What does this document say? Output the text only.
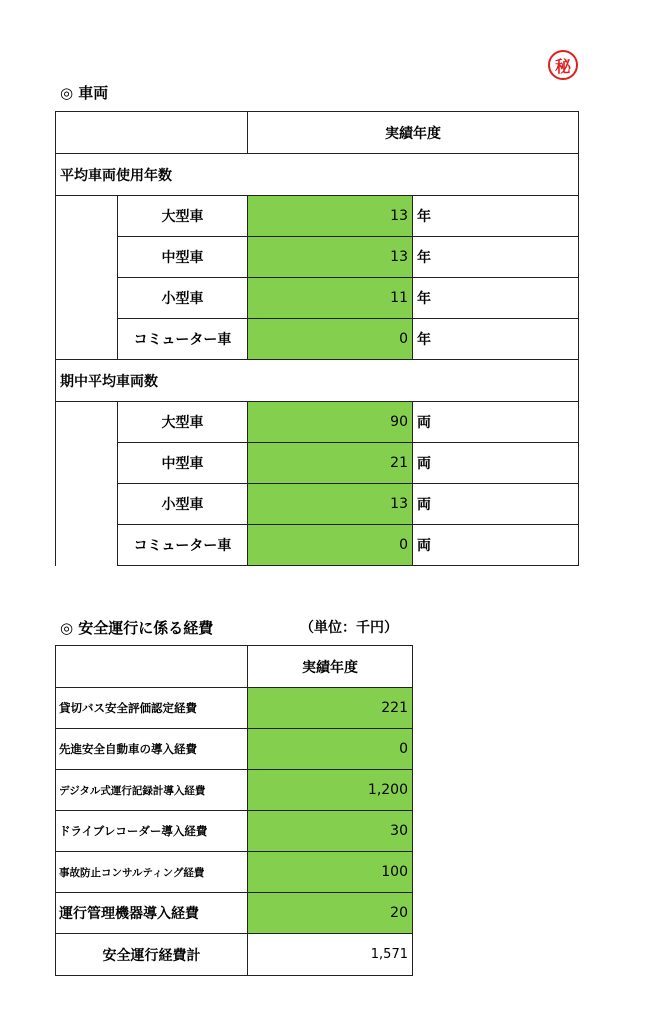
秘
◎ 車両
		実績年度	
平均車両使用年数			
	大型車	13	年
	中型車	13	年
	小型車	11	年
	コミューター車	0	年
期中平均車両数			
	大型車	90	両
	中型車	21	両
	小型車	13	両
	コミューター車	0	両
◎ 安全運行に係る経費	（単位：千円）
	実績年度
貸切バス安全評価認定経費	221
先進安全自動車の導入経費	0
デジタル式運行記録計導入経費	1,200
ドライブレコーダー導入経費	30
事故防止コンサルティング経費	100
運行管理機器導入経費	20
安全運行経費計	1,571
